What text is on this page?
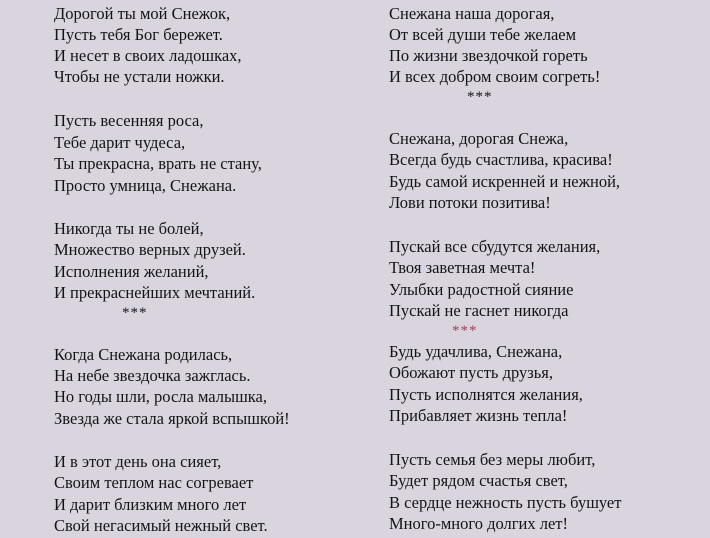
Дорогой ты мой Снежок,
Пусть тебя Бог бережет.
И несет в своих ладошках,
Чтобы не устали ножки.
Пусть весенняя роса,
Тебе дарит чудеса,
Ты прекрасна, врать не стану,
Просто умница, Снежана.
Никогда ты не болей,
Множество верных друзей.
Исполнения желаний,
И прекраснейших мечтаний.
***
Когда Снежана родилась,
На небе звездочка зажглась.
Но годы шли, росла малышка,
Звезда же стала яркой вспышкой!
И в этот день она сияет,
Своим теплом нас согревает
И дарит близким много лет
Свой негасимый нежный свет.
Снежана наша дорогая,
От всей души тебе желаем
По жизни звездочкой гореть
И всех добром своим согреть!
***
Снежана, дорогая Снежа,
Всегда будь счастлива, красива!
Будь самой искренней и нежной,
Лови потоки позитива!
Пускай все сбудутся желания,
Твоя заветная мечта!
Улыбки радостной сияние
Пускай не гаснет никогда
***
Будь удачлива, Снежана,
Обожают пусть друзья,
Пусть исполнятся желания,
Прибавляет жизнь тепла!
Пусть семья без меры любит,
Будет рядом счастья свет,
В сердце нежность пусть бушует
Много-много долгих лет!
